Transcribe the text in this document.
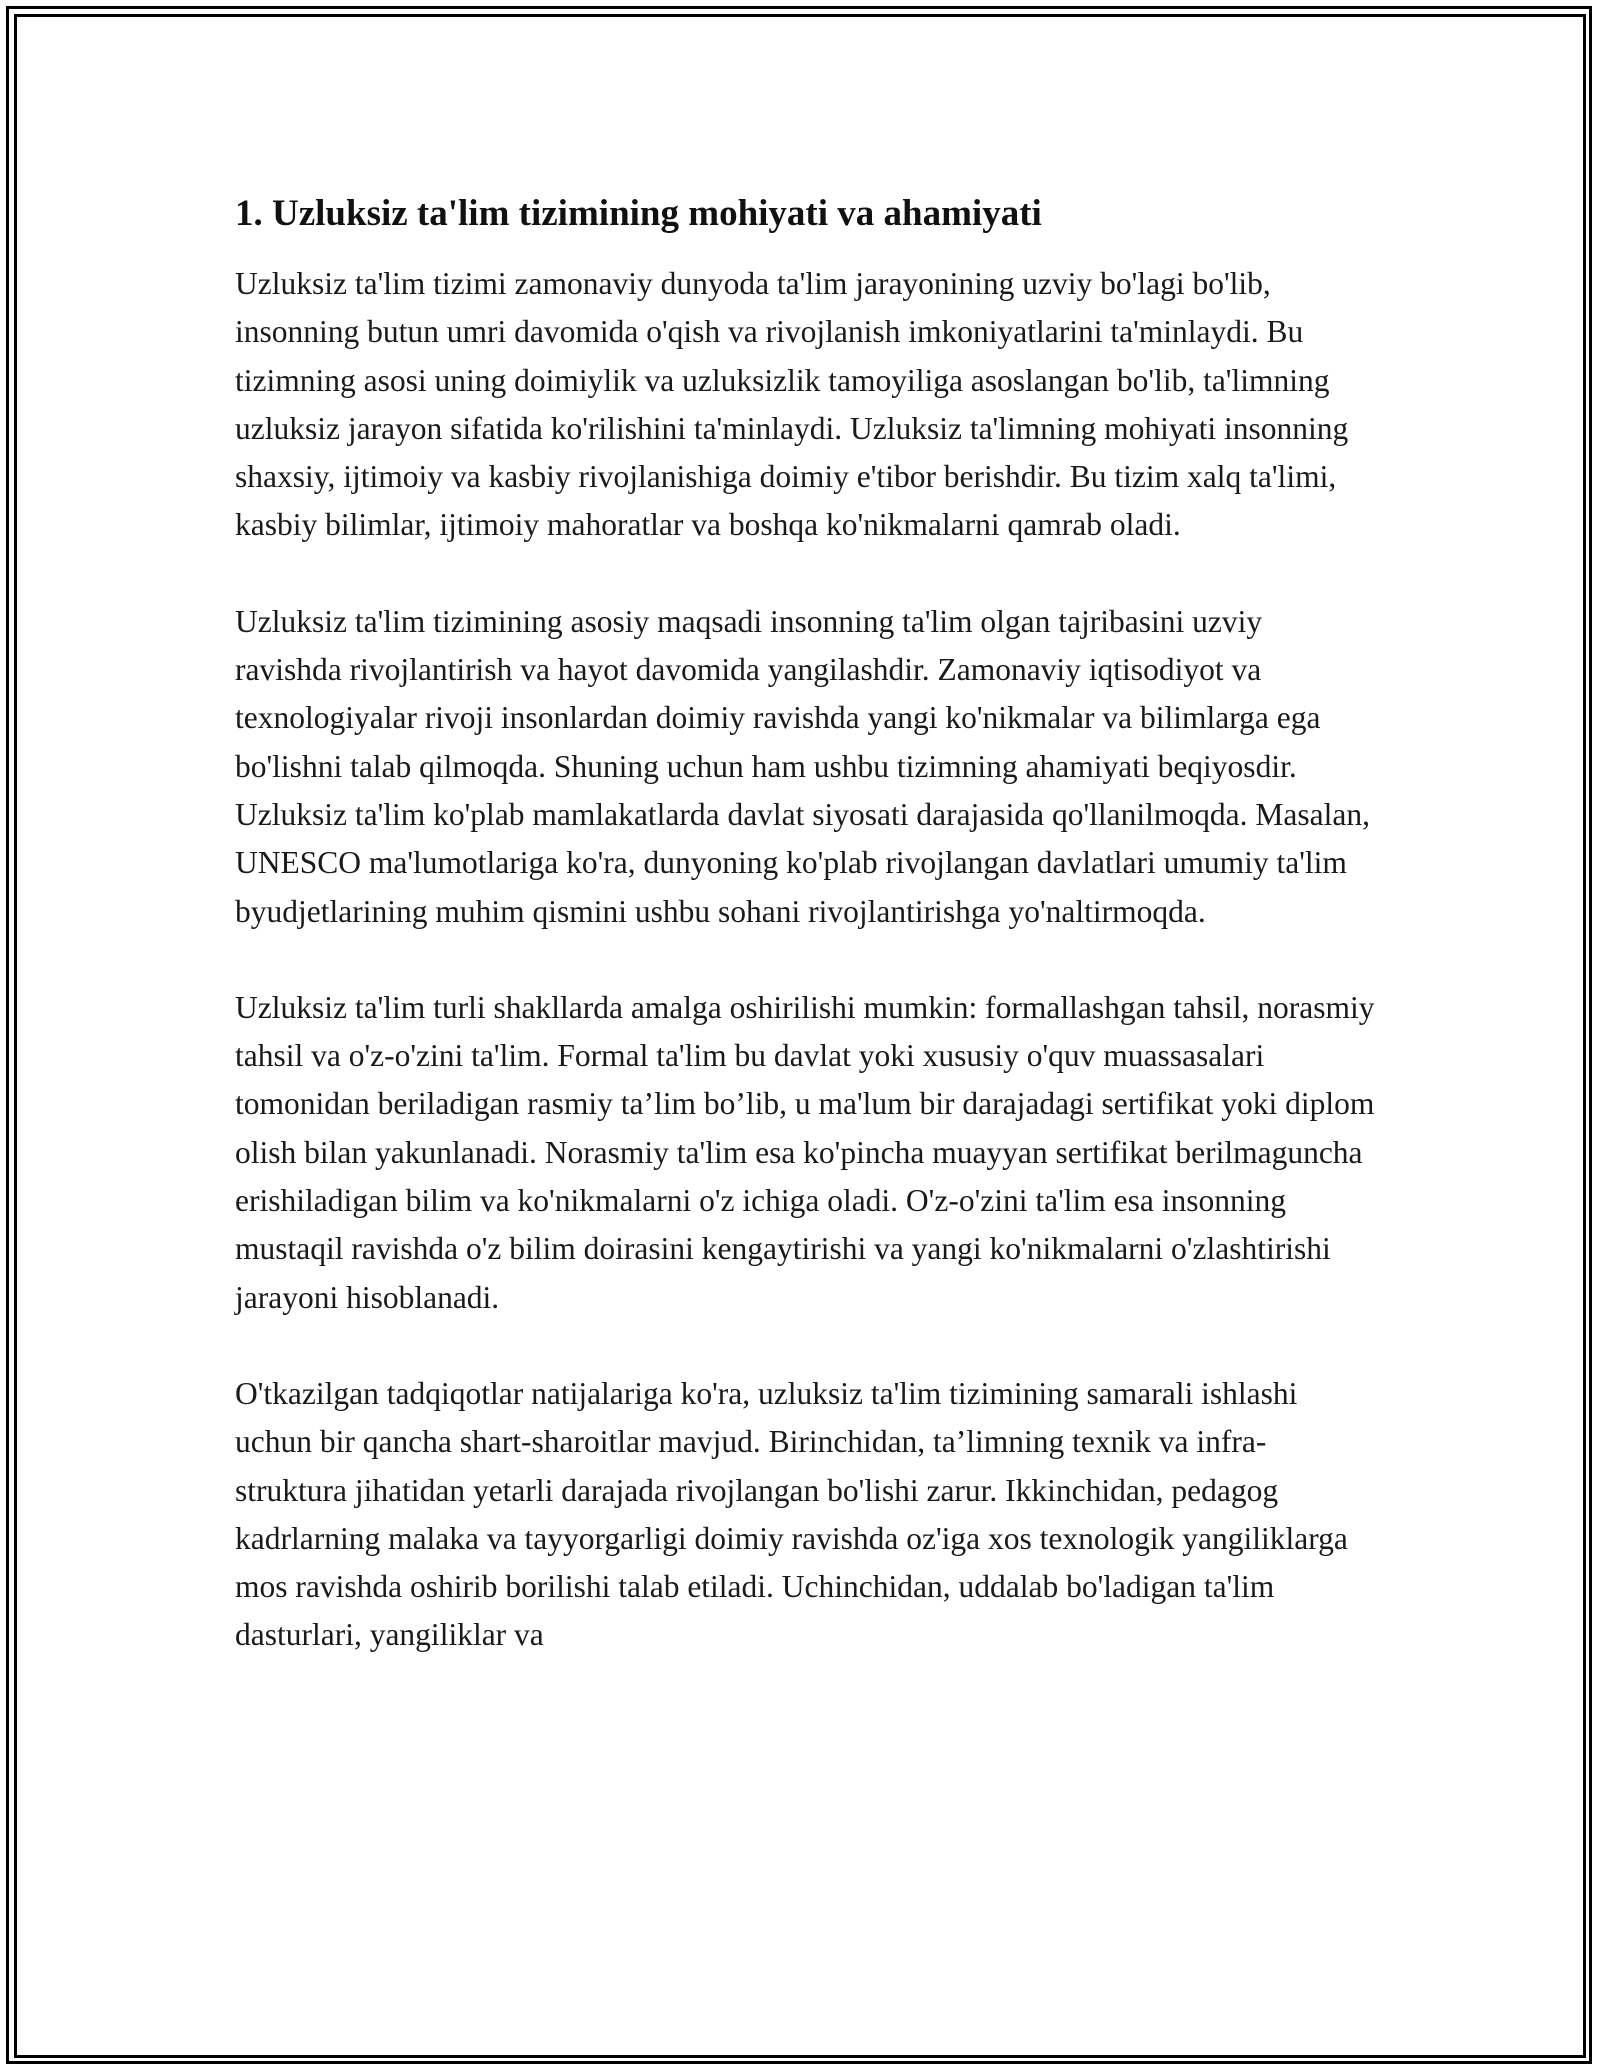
1. Uzluksiz ta'lim tizimining mohiyati va ahamiyati

Uzluksiz ta'lim tizimi zamonaviy dunyoda ta'lim jarayonining uzviy bo'lagi bo'lib, insonning butun umri davomida o'qish va rivojlanish imkoniyatlarini ta'minlaydi. Bu tizimning asosi uning doimiylik va uzluksizlik tamoyiliga asoslangan bo'lib, ta'limning uzluksiz jarayon sifatida ko'rilishini ta'minlaydi. Uzluksiz ta'limning mohiyati insonning shaxsiy, ijtimoiy va kasbiy rivojlanishiga doimiy e'tibor berishdir. Bu tizim xalq ta'limi, kasbiy bilimlar, ijtimoiy mahoratlar va boshqa ko'nikmalarni qamrab oladi.

Uzluksiz ta'lim tizimining asosiy maqsadi insonning ta'lim olgan tajribasini uzviy ravishda rivojlantirish va hayot davomida yangilashdir. Zamonaviy iqtisodiyot va texnologiyalar rivoji insonlardan doimiy ravishda yangi ko'nikmalar va bilimlarga ega bo'lishni talab qilmoqda. Shuning uchun ham ushbu tizimning ahamiyati beqiyosdir. Uzluksiz ta'lim ko'plab mamlakatlarda davlat siyosati darajasida qo'llanilmoqda. Masalan, UNESCO ma'lumotlariga ko'ra, dunyoning ko'plab rivojlangan davlatlari umumiy ta'lim byudjetlarining muhim qismini ushbu sohani rivojlantirishga yo'naltirmoqda.

Uzluksiz ta'lim turli shakllarda amalga oshirilishi mumkin: formallashgan tahsil, norasmiy tahsil va o'z-o'zini ta'lim. Formal ta'lim bu davlat yoki xususiy o'quv muassasalari tomonidan beriladigan rasmiy ta’lim bo’lib, u ma'lum bir darajadagi sertifikat yoki diplom olish bilan yakunlanadi. Norasmiy ta'lim esa ko'pincha muayyan sertifikat berilmaguncha erishiladigan bilim va ko'nikmalarni o'z ichiga oladi. O'z-o'zini ta'lim esa insonning mustaqil ravishda o'z bilim doirasini kengaytirishi va yangi ko'nikmalarni o'zlashtirishi jarayoni hisoblanadi.

O'tkazilgan tadqiqotlar natijalariga ko'ra, uzluksiz ta'lim tizimining samarali ishlashi uchun bir qancha shart-sharoitlar mavjud. Birinchidan, ta’limning texnik va infra-struktura jihatidan yetarli darajada rivojlangan bo'lishi zarur. Ikkinchidan, pedagog kadrlarning malaka va tayyorgarligi doimiy ravishda oz'iga xos texnologik yangiliklarga mos ravishda oshirib borilishi talab etiladi. Uchinchidan, uddalab bo'ladigan ta'lim dasturlari, yangiliklar va
